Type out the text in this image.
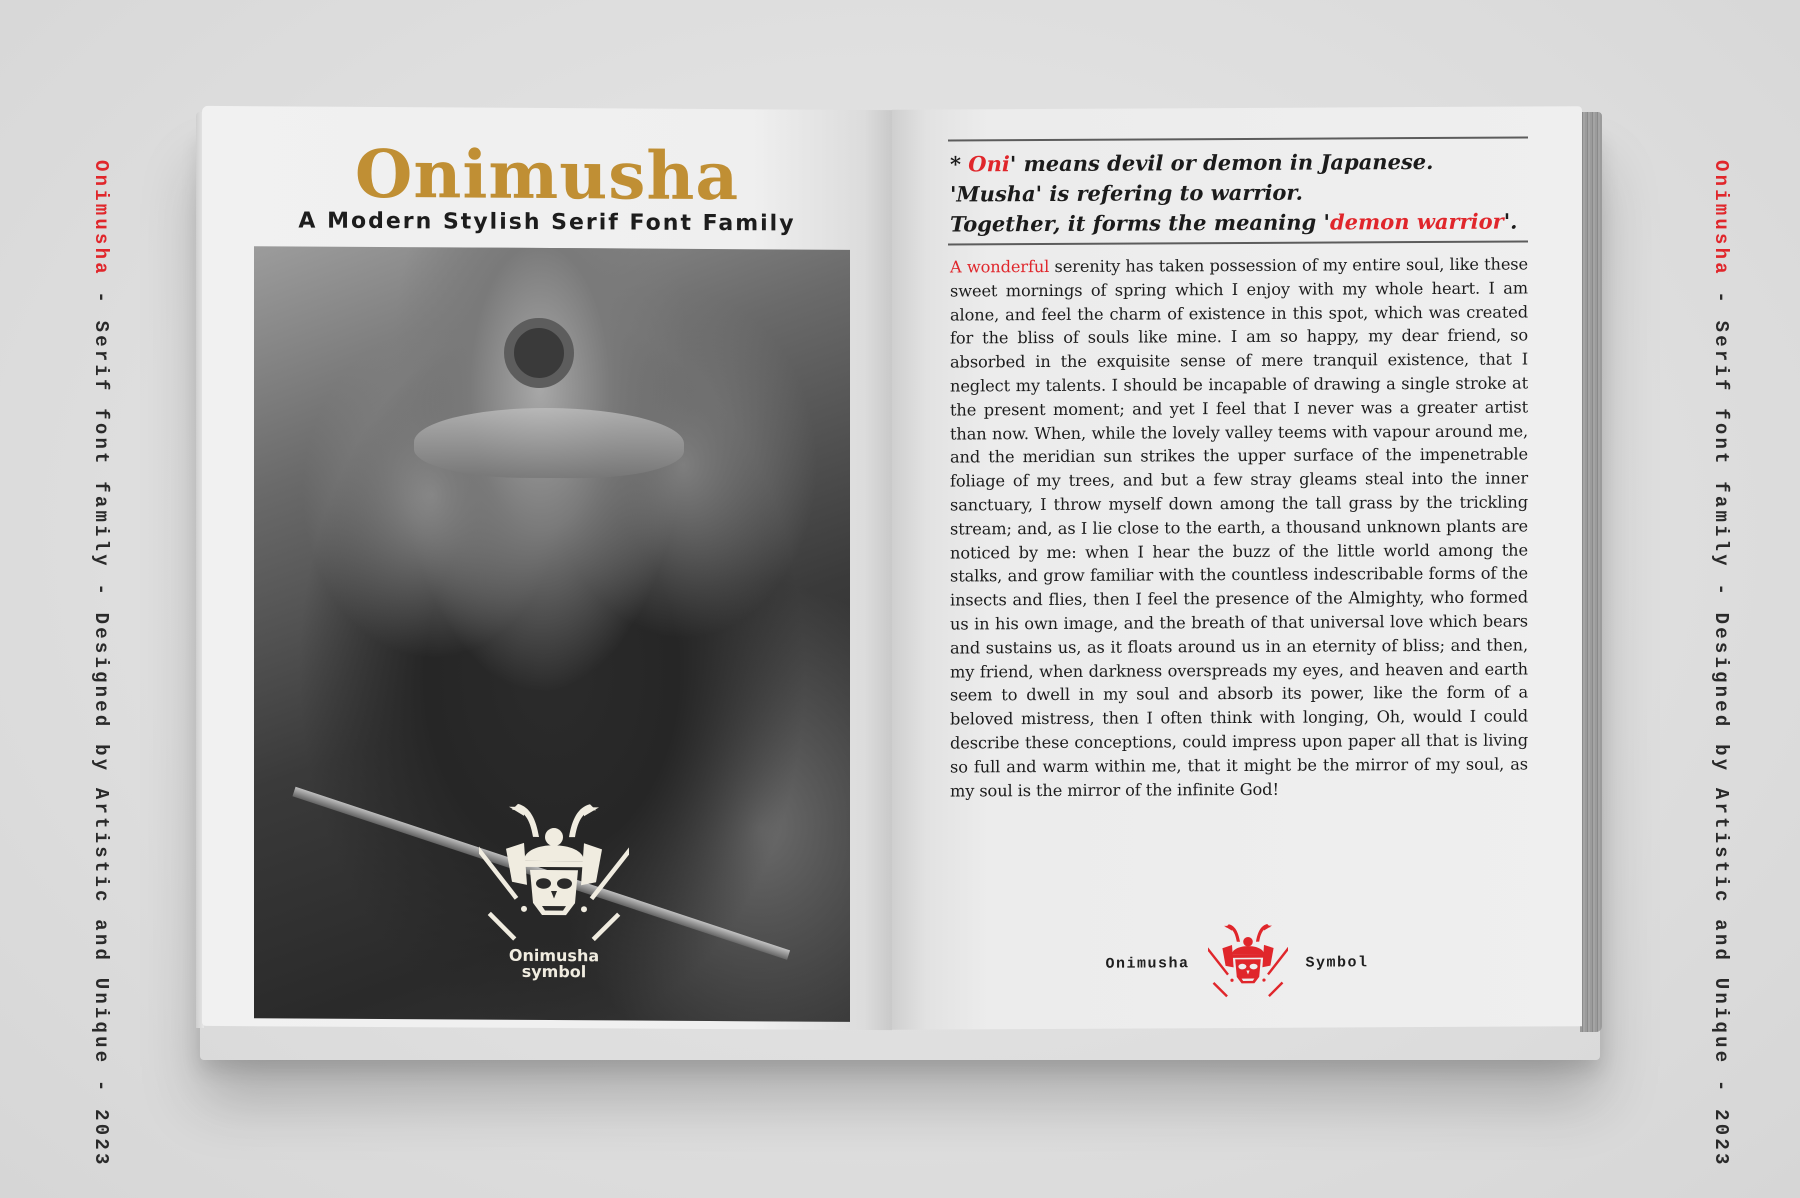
Onimusha - Serif font family - Designed by Artistic and Unique - 2023
Onimusha - Serif font family - Designed by Artistic and Unique - 2023
Onimusha
A Modern Stylish Serif Font Family
Onimusha
symbol
* Oni' means devil or demon in Japanese.
'Musha' is refering to warrior.
Together, it forms the meaning 'demon warrior'.

A wonderful serenity has taken possession of my entire soul, like these sweet mornings of spring which I enjoy with my whole heart. I am alone, and feel the charm of existence in this spot, which was created for the bliss of souls like mine. I am so happy, my dear friend, so absorbed in the exquisite sense of mere tranquil existence, that I neglect my talents. I should be incapable of drawing a single stroke at the present moment; and yet I feel that I never was a greater artist than now. When, while the lovely valley teems with vapour around me, and the meridian sun strikes the upper surface of the impenetrable foliage of my trees, and but a few stray gleams steal into the inner sanctuary, I throw myself down among the tall grass by the trickling stream; and, as I lie close to the earth, a thousand unknown plants are noticed by me: when I hear the buzz of the little world among the stalks, and grow familiar with the countless indescribable forms of the insects and flies, then I feel the presence of the Almighty, who formed us in his own image, and the breath of that universal love which bears and sustains us, as it floats around us in an eternity of bliss; and then, my friend, when darkness overspreads my eyes, and heaven and earth seem to dwell in my soul and absorb its power, like the form of a beloved mistress, then I often think with longing, Oh, would I could describe these conceptions, could impress upon paper all that is living so full and warm within me, that it might be the mirror of my soul, as my soul is the mirror of the infinite God!

Onimusha	Symbol
